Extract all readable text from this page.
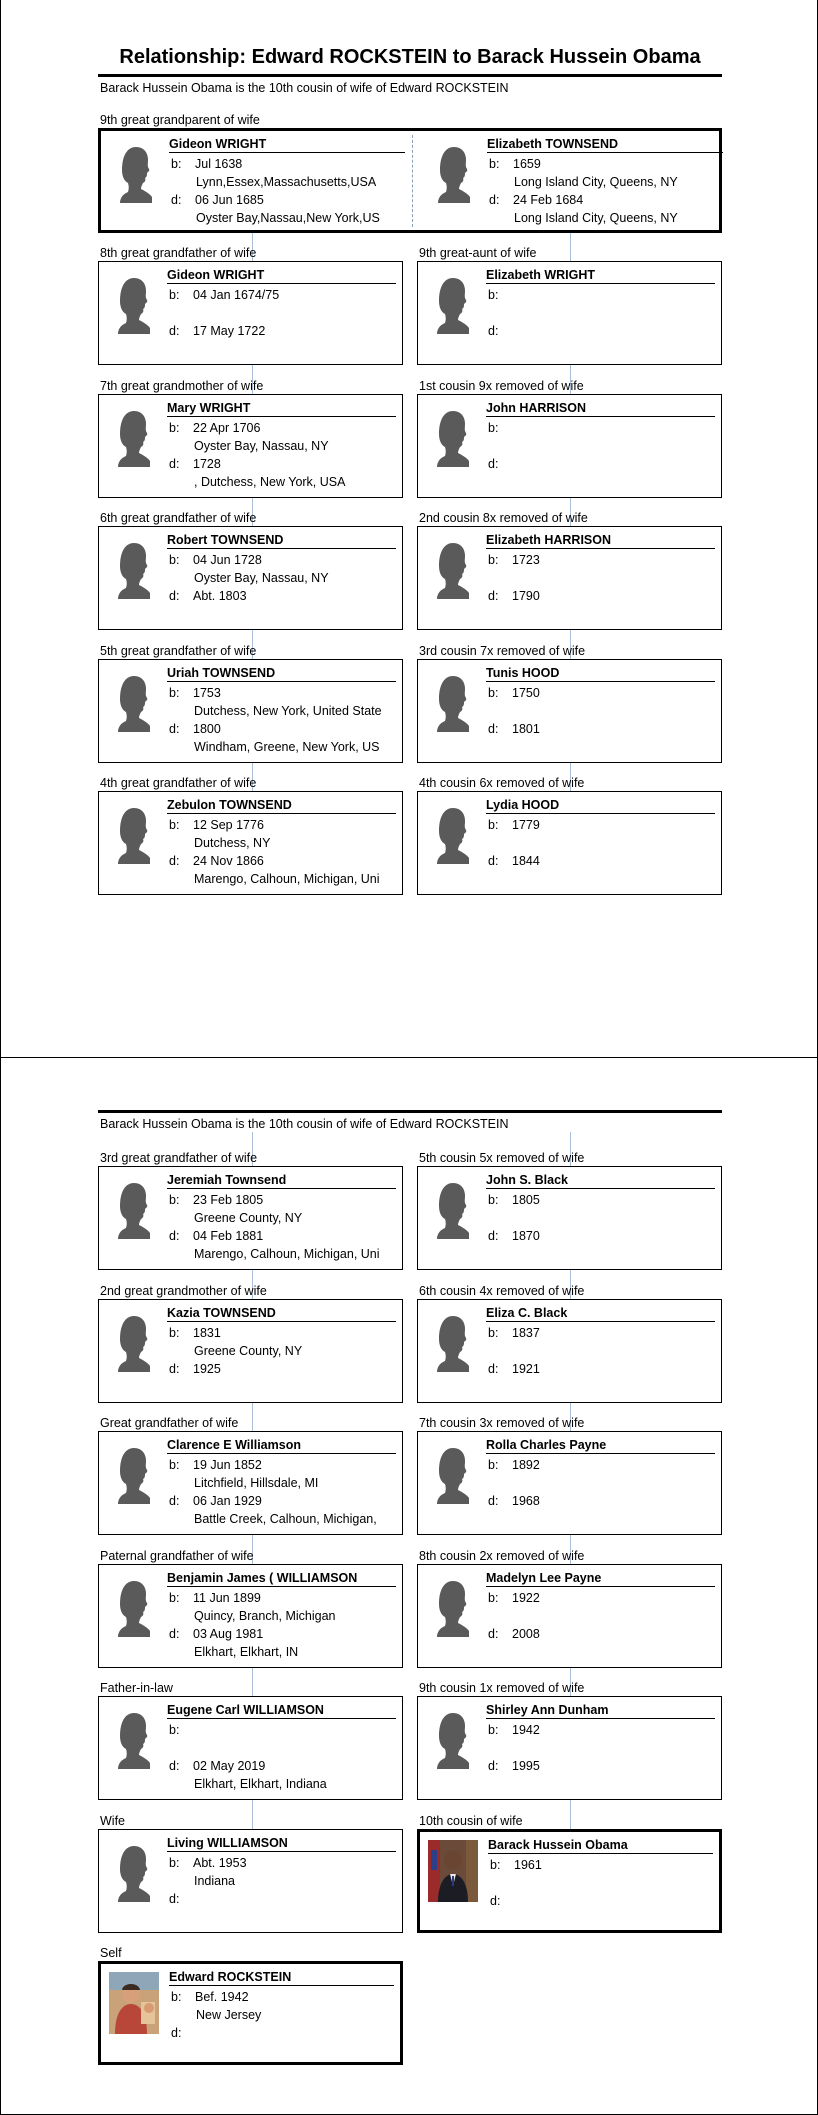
Relationship: Edward ROCKSTEIN to Barack Hussein Obama
Barack Hussein Obama is the 10th cousin of wife of Edward ROCKSTEIN
9th great grandparent of wife
Gideon WRIGHT
b: Jul 1638
Lynn,Essex,Massachusetts,USA
d: 06 Jun 1685
Oyster Bay,Nassau,New York,US
Elizabeth TOWNSEND
b: 1659
Long Island City, Queens, NY
d: 24 Feb 1684
Long Island City, Queens, NY
8th great grandfather of wife
Gideon WRIGHT
b: 04 Jan 1674/75
d: 17 May 1722
9th great-aunt of wife
Elizabeth WRIGHT
b:
d:
7th great grandmother of wife
Mary WRIGHT
b: 22 Apr 1706
Oyster Bay, Nassau, NY
d: 1728
, Dutchess, New York, USA
1st cousin 9x removed of wife
John HARRISON
b:
d:
6th great grandfather of wife
Robert TOWNSEND
b: 04 Jun 1728
Oyster Bay, Nassau, NY
d: Abt. 1803
2nd cousin 8x removed of wife
Elizabeth HARRISON
b: 1723
d: 1790
5th great grandfather of wife
Uriah TOWNSEND
b: 1753
Dutchess, New York, United State
d: 1800
Windham, Greene, New York, US
3rd cousin 7x removed of wife
Tunis HOOD
b: 1750
d: 1801
4th great grandfather of wife
Zebulon TOWNSEND
b: 12 Sep 1776
Dutchess, NY
d: 24 Nov 1866
Marengo, Calhoun, Michigan, Uni
4th cousin 6x removed of wife
Lydia HOOD
b: 1779
d: 1844
Barack Hussein Obama is the 10th cousin of wife of Edward ROCKSTEIN
3rd great grandfather of wife
Jeremiah Townsend
b: 23 Feb 1805
Greene County, NY
d: 04 Feb 1881
Marengo, Calhoun, Michigan, Uni
5th cousin 5x removed of wife
John S. Black
b: 1805
d: 1870
2nd great grandmother of wife
Kazia TOWNSEND
b: 1831
Greene County, NY
d: 1925
6th cousin 4x removed of wife
Eliza C. Black
b: 1837
d: 1921
Great grandfather of wife
Clarence E Williamson
b: 19 Jun 1852
Litchfield, Hillsdale, MI
d: 06 Jan 1929
Battle Creek, Calhoun, Michigan,
7th cousin 3x removed of wife
Rolla Charles Payne
b: 1892
d: 1968
Paternal grandfather of wife
Benjamin James ( WILLIAMSON
b: 11 Jun 1899
Quincy, Branch, Michigan
d: 03 Aug 1981
Elkhart, Elkhart, IN
8th cousin 2x removed of wife
Madelyn Lee Payne
b: 1922
d: 2008
Father-in-law
Eugene Carl WILLIAMSON
b:
d: 02 May 2019
Elkhart, Elkhart, Indiana
9th cousin 1x removed of wife
Shirley Ann Dunham
b: 1942
d: 1995
Wife
Living WILLIAMSON
b: Abt. 1953
Indiana
d:
10th cousin of wife
Barack Hussein Obama
b: 1961
d:
Self
Edward ROCKSTEIN
b: Bef. 1942
New Jersey
d:
